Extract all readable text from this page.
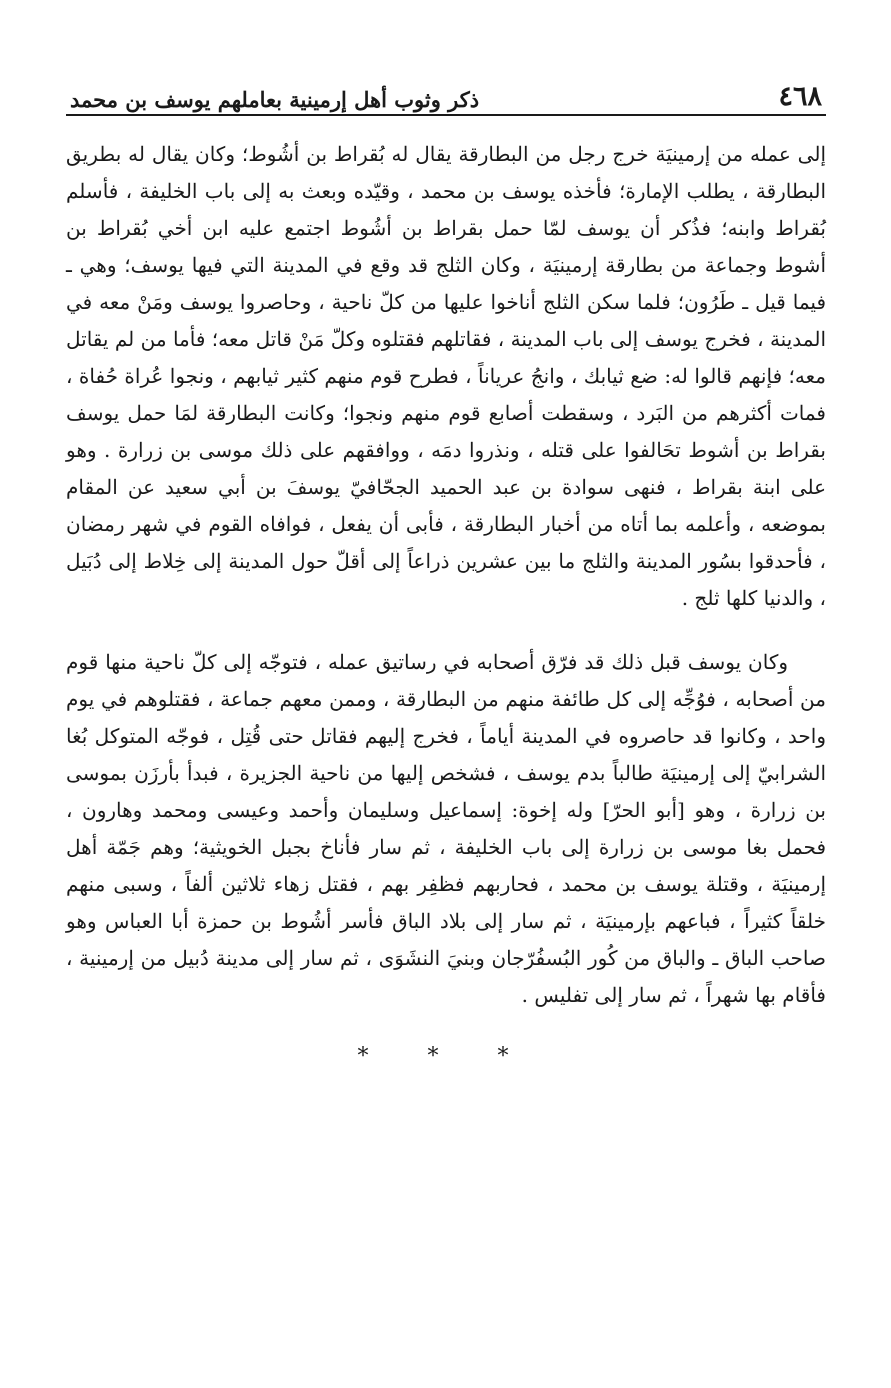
٤٦٨
ذكر وثوب أهل إرمينية بعاملهم يوسف بن محمد

إلى عمله من إرمينيَة خرج رجل من البطارقة يقال له بُقراط بن أشُوط؛ وكان يقال له بطريق البطارقة ، يطلب الإمارة؛ فأخذه يوسف بن محمد ، وقيّده وبعث به إلى باب الخليفة ، فأسلم بُقراط وابنه؛ فذُكر أن يوسف لمّا حمل بقراط بن أشُوط اجتمع عليه ابن أخي بُقراط بن أشوط وجماعة من بطارقة إرمينيَة ، وكان الثلج قد وقع في المدينة التي فيها يوسف؛ وهي ـ فيما قيل ـ طَرُون؛ فلما سكن الثلج أناخوا عليها من كلّ ناحية ، وحاصروا يوسف ومَنْ معه في المدينة ، فخرج يوسف إلى باب المدينة ، فقاتلهم فقتلوه وكلّ مَنْ قاتل معه؛ فأما من لم يقاتل معه؛ فإنهم قالوا له: ضع ثيابك ، وانجُ عرياناً ، فطرح قوم منهم كثير ثيابهم ، ونجوا عُراة حُفاة ، فمات أكثرهم من البَرد ، وسقطت أصابع قوم منهم ونجوا؛ وكانت البطارقة لمَا حمل يوسف بقراط بن أشوط تحَالفوا على قتله ، ونذروا دمَه ، ووافقهم على ذلك موسى بن زرارة . وهو على ابنة بقراط ، فنهى سوادة بن عبد الحميد الجحّافيّ يوسفَ بن أبي سعيد عن المقام بموضعه ، وأعلمه بما أتاه من أخبار البطارقة ، فأبى أن يفعل ، فوافاه القوم في شهر رمضان ، فأحدقوا بسُور المدينة والثلج ما بين عشرين ذراعاً إلى أقلّ حول المدينة إلى خِلاط إلى دُبَيل ، والدنيا كلها ثلج .

وكان يوسف قبل ذلك قد فرّق أصحابه في رساتيق عمله ، فتوجّه إلى كلّ ناحية منها قوم من أصحابه ، فوُجِّه إلى كل طائفة منهم من البطارقة ، وممن معهم جماعة ، فقتلوهم في يوم واحد ، وكانوا قد حاصروه في المدينة أياماً ، فخرج إليهم فقاتل حتى قُتِل ، فوجّه المتوكل بُغا الشرابيّ إلى إرمينيَة طالباً بدم يوسف ، فشخص إليها من ناحية الجزيرة ، فبدأ بأرزَن بموسى بن زرارة ، وهو [أبو الحرّ] وله إخوة: إسماعيل وسليمان وأحمد وعيسى ومحمد وهارون ، فحمل بغا موسى بن زرارة إلى باب الخليفة ، ثم سار فأناخ بجبل الخويثية؛ وهم جَمّة أهل إرمينيَة ، وقتلة يوسف بن محمد ، فحاربهم فظفِر بهم ، فقتل زهاء ثلاثين ألفاً ، وسبى منهم خلقاً كثيراً ، فباعهم بإرمينيَة ، ثم سار إلى بلاد الباق فأسر أشُوط بن حمزة أبا العباس وهو صاحب الباق ـ والباق من كُور البُسفُرّجان وبنيَ النشَوَى ، ثم سار إلى مدينة دُبيل من إرمينية ، فأقام بها شهراً ، ثم سار إلى تفليس .

* * *
